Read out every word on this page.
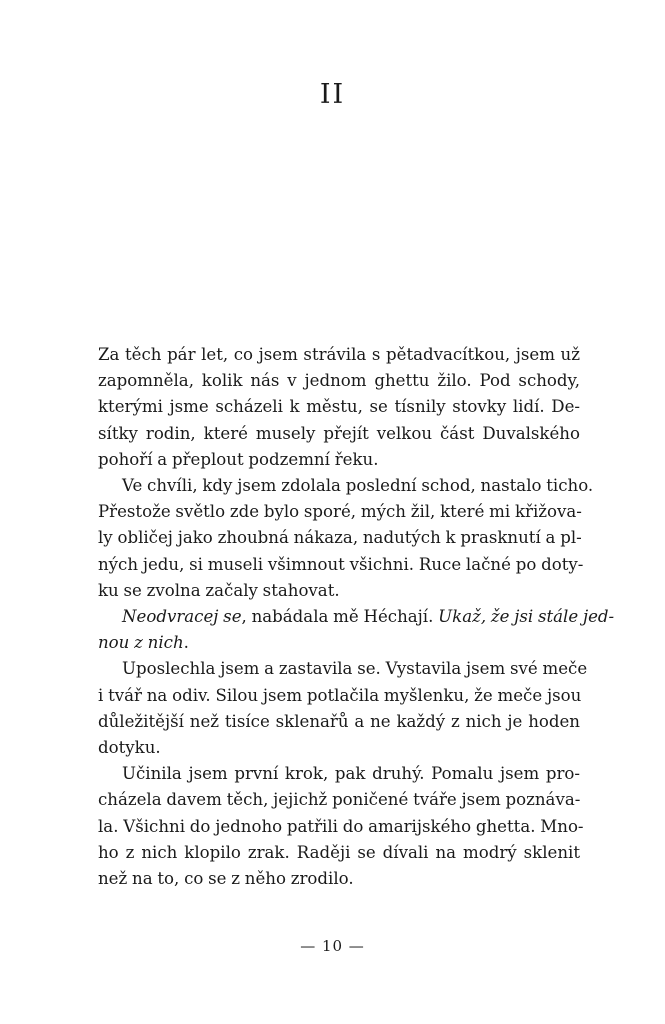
II
Za těch pár let, co jsem strávila s pětadvacítkou, jsem už
zapomněla, kolik nás v jednom ghettu žilo. Pod schody,
kterými jsme scházeli k městu, se tísnily stovky lidí. De-
sítky rodin, které musely přejít velkou část Duvalského
pohoří a přeplout podzemní řeku.
Ve chvíli, kdy jsem zdolala poslední schod, nastalo ticho.
Přestože světlo zde bylo sporé, mých žil, které mi křižova-
ly obličej jako zhoubná nákaza, nadutých k prasknutí a pl-
ných jedu, si museli všimnout všichni. Ruce lačné po doty-
ku se zvolna začaly stahovat.
Neodvracej se, nabádala mě Héchají. Ukaž, že jsi stále jed-
nou z nich.
Uposlechla jsem a zastavila se. Vystavila jsem své meče
i tvář na odiv. Silou jsem potlačila myšlenku, že meče jsou
důležitější než tisíce sklenařů a ne každý z nich je hoden
dotyku.
Učinila jsem první krok, pak druhý. Pomalu jsem pro-
cházela davem těch, jejichž poničené tváře jsem poznáva-
la. Všichni do jednoho patřili do amarijského ghetta. Mno-
ho z nich klopilo zrak. Raději se dívali na modrý sklenit
než na to, co se z něho zrodilo.
— 10 —
